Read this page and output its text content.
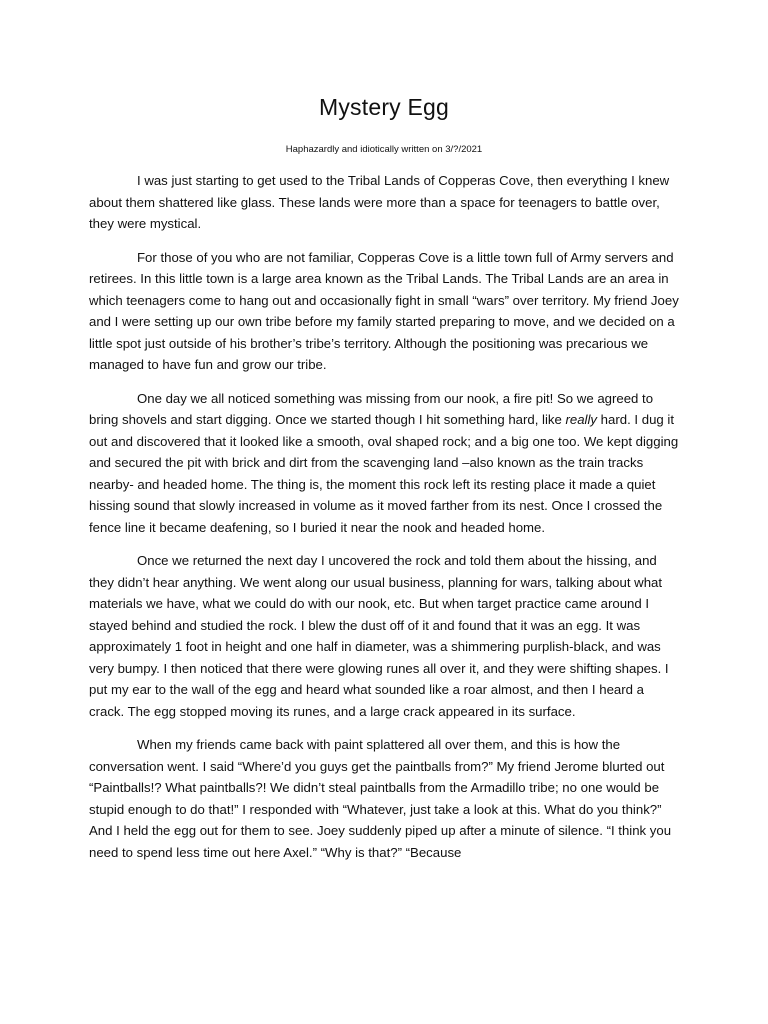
Mystery Egg
Haphazardly and idiotically written on 3/?/2021

I was just starting to get used to the Tribal Lands of Copperas Cove, then everything I knew about them shattered like glass. These lands were more than a space for teenagers to battle over, they were mystical.

For those of you who are not familiar, Copperas Cove is a little town full of Army servers and retirees. In this little town is a large area known as the Tribal Lands. The Tribal Lands are an area in which teenagers come to hang out and occasionally fight in small “wars” over territory. My friend Joey and I were setting up our own tribe before my family started preparing to move, and we decided on a little spot just outside of his brother’s tribe’s territory. Although the positioning was precarious we managed to have fun and grow our tribe.

One day we all noticed something was missing from our nook, a fire pit! So we agreed to bring shovels and start digging. Once we started though I hit something hard, like really hard. I dug it out and discovered that it looked like a smooth, oval shaped rock; and a big one too. We kept digging and secured the pit with brick and dirt from the scavenging land –also known as the train tracks nearby- and headed home. The thing is, the moment this rock left its resting place it made a quiet hissing sound that slowly increased in volume as it moved farther from its nest. Once I crossed the fence line it became deafening, so I buried it near the nook and headed home.

Once we returned the next day I uncovered the rock and told them about the hissing, and they didn’t hear anything. We went along our usual business, planning for wars, talking about what materials we have, what we could do with our nook, etc. But when target practice came around I stayed behind and studied the rock. I blew the dust off of it and found that it was an egg. It was approximately 1 foot in height and one half in diameter, was a shimmering purplish-black, and was very bumpy. I then noticed that there were glowing runes all over it, and they were shifting shapes. I put my ear to the wall of the egg and heard what sounded like a roar almost, and then I heard a crack. The egg stopped moving its runes, and a large crack appeared in its surface.

When my friends came back with paint splattered all over them, and this is how the conversation went. I said “Where’d you guys get the paintballs from?” My friend Jerome blurted out “Paintballs!? What paintballs?! We didn’t steal paintballs from the Armadillo tribe; no one would be stupid enough to do that!” I responded with “Whatever, just take a look at this. What do you think?” And I held the egg out for them to see. Joey suddenly piped up after a minute of silence. “I think you need to spend less time out here Axel.” “Why is that?” “Because
